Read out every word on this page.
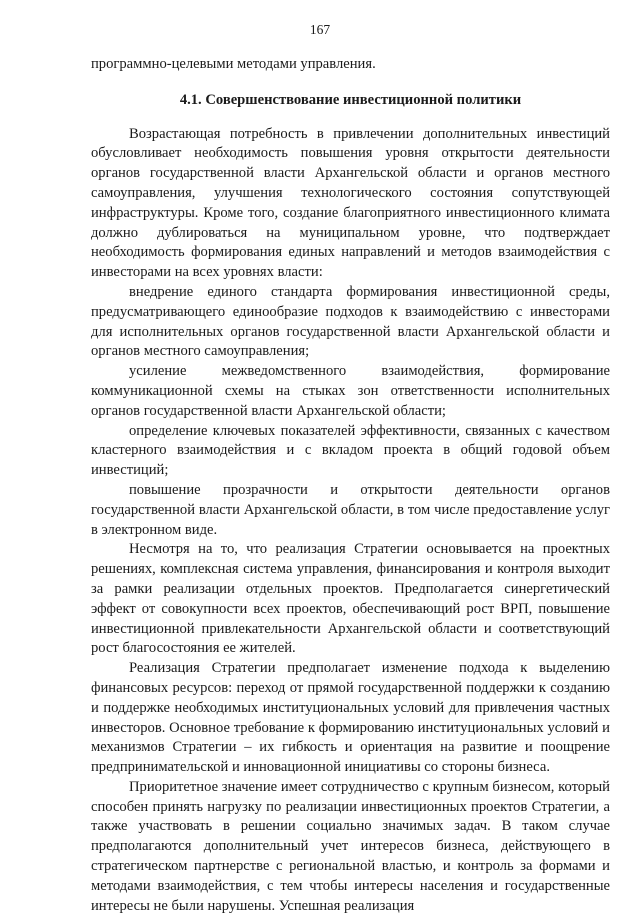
167

программно-целевыми методами управления.

4.1. Совершенствование инвестиционной политики

Возрастающая потребность в привлечении дополнительных инвестиций обусловливает необходимость повышения уровня открытости деятельности органов государственной власти Архангельской области и органов местного самоуправления, улучшения технологического состояния сопутствующей инфраструктуры. Кроме того, создание благоприятного инвестиционного климата должно дублироваться на муниципальном уровне, что подтверждает необходимость формирования единых направлений и методов взаимодействия с инвесторами на всех уровнях власти:

внедрение единого стандарта формирования инвестиционной среды, предусматривающего единообразие подходов к взаимодействию с инвесторами для исполнительных органов государственной власти Архангельской области и органов местного самоуправления;

усиление межведомственного взаимодействия, формирование коммуникационной схемы на стыках зон ответственности исполнительных органов государственной власти Архангельской области;

определение ключевых показателей эффективности, связанных с качеством кластерного взаимодействия и с вкладом проекта в общий годовой объем инвестиций;

повышение прозрачности и открытости деятельности органов государственной власти Архангельской области, в том числе предоставление услуг в электронном виде.

Несмотря на то, что реализация Стратегии основывается на проектных решениях, комплексная система управления, финансирования и контроля выходит за рамки реализации отдельных проектов. Предполагается синергетический эффект от совокупности всех проектов, обеспечивающий рост ВРП, повышение инвестиционной привлекательности Архангельской области и соответствующий рост благосостояния ее жителей.

Реализация Стратегии предполагает изменение подхода к выделению финансовых ресурсов: переход от прямой государственной поддержки к созданию и поддержке необходимых институциональных условий для привлечения частных инвесторов. Основное требование к формированию институциональных условий и механизмов Стратегии – их гибкость и ориентация на развитие и поощрение предпринимательской и инновационной инициативы со стороны бизнеса.

Приоритетное значение имеет сотрудничество с крупным бизнесом, который способен принять нагрузку по реализации инвестиционных проектов Стратегии, а также участвовать в решении социально значимых задач. В таком случае предполагаются дополнительный учет интересов бизнеса, действующего в стратегическом партнерстве с региональной властью, и контроль за формами и методами взаимодействия, с тем чтобы интересы населения и государственные интересы не были нарушены. Успешная реализация
